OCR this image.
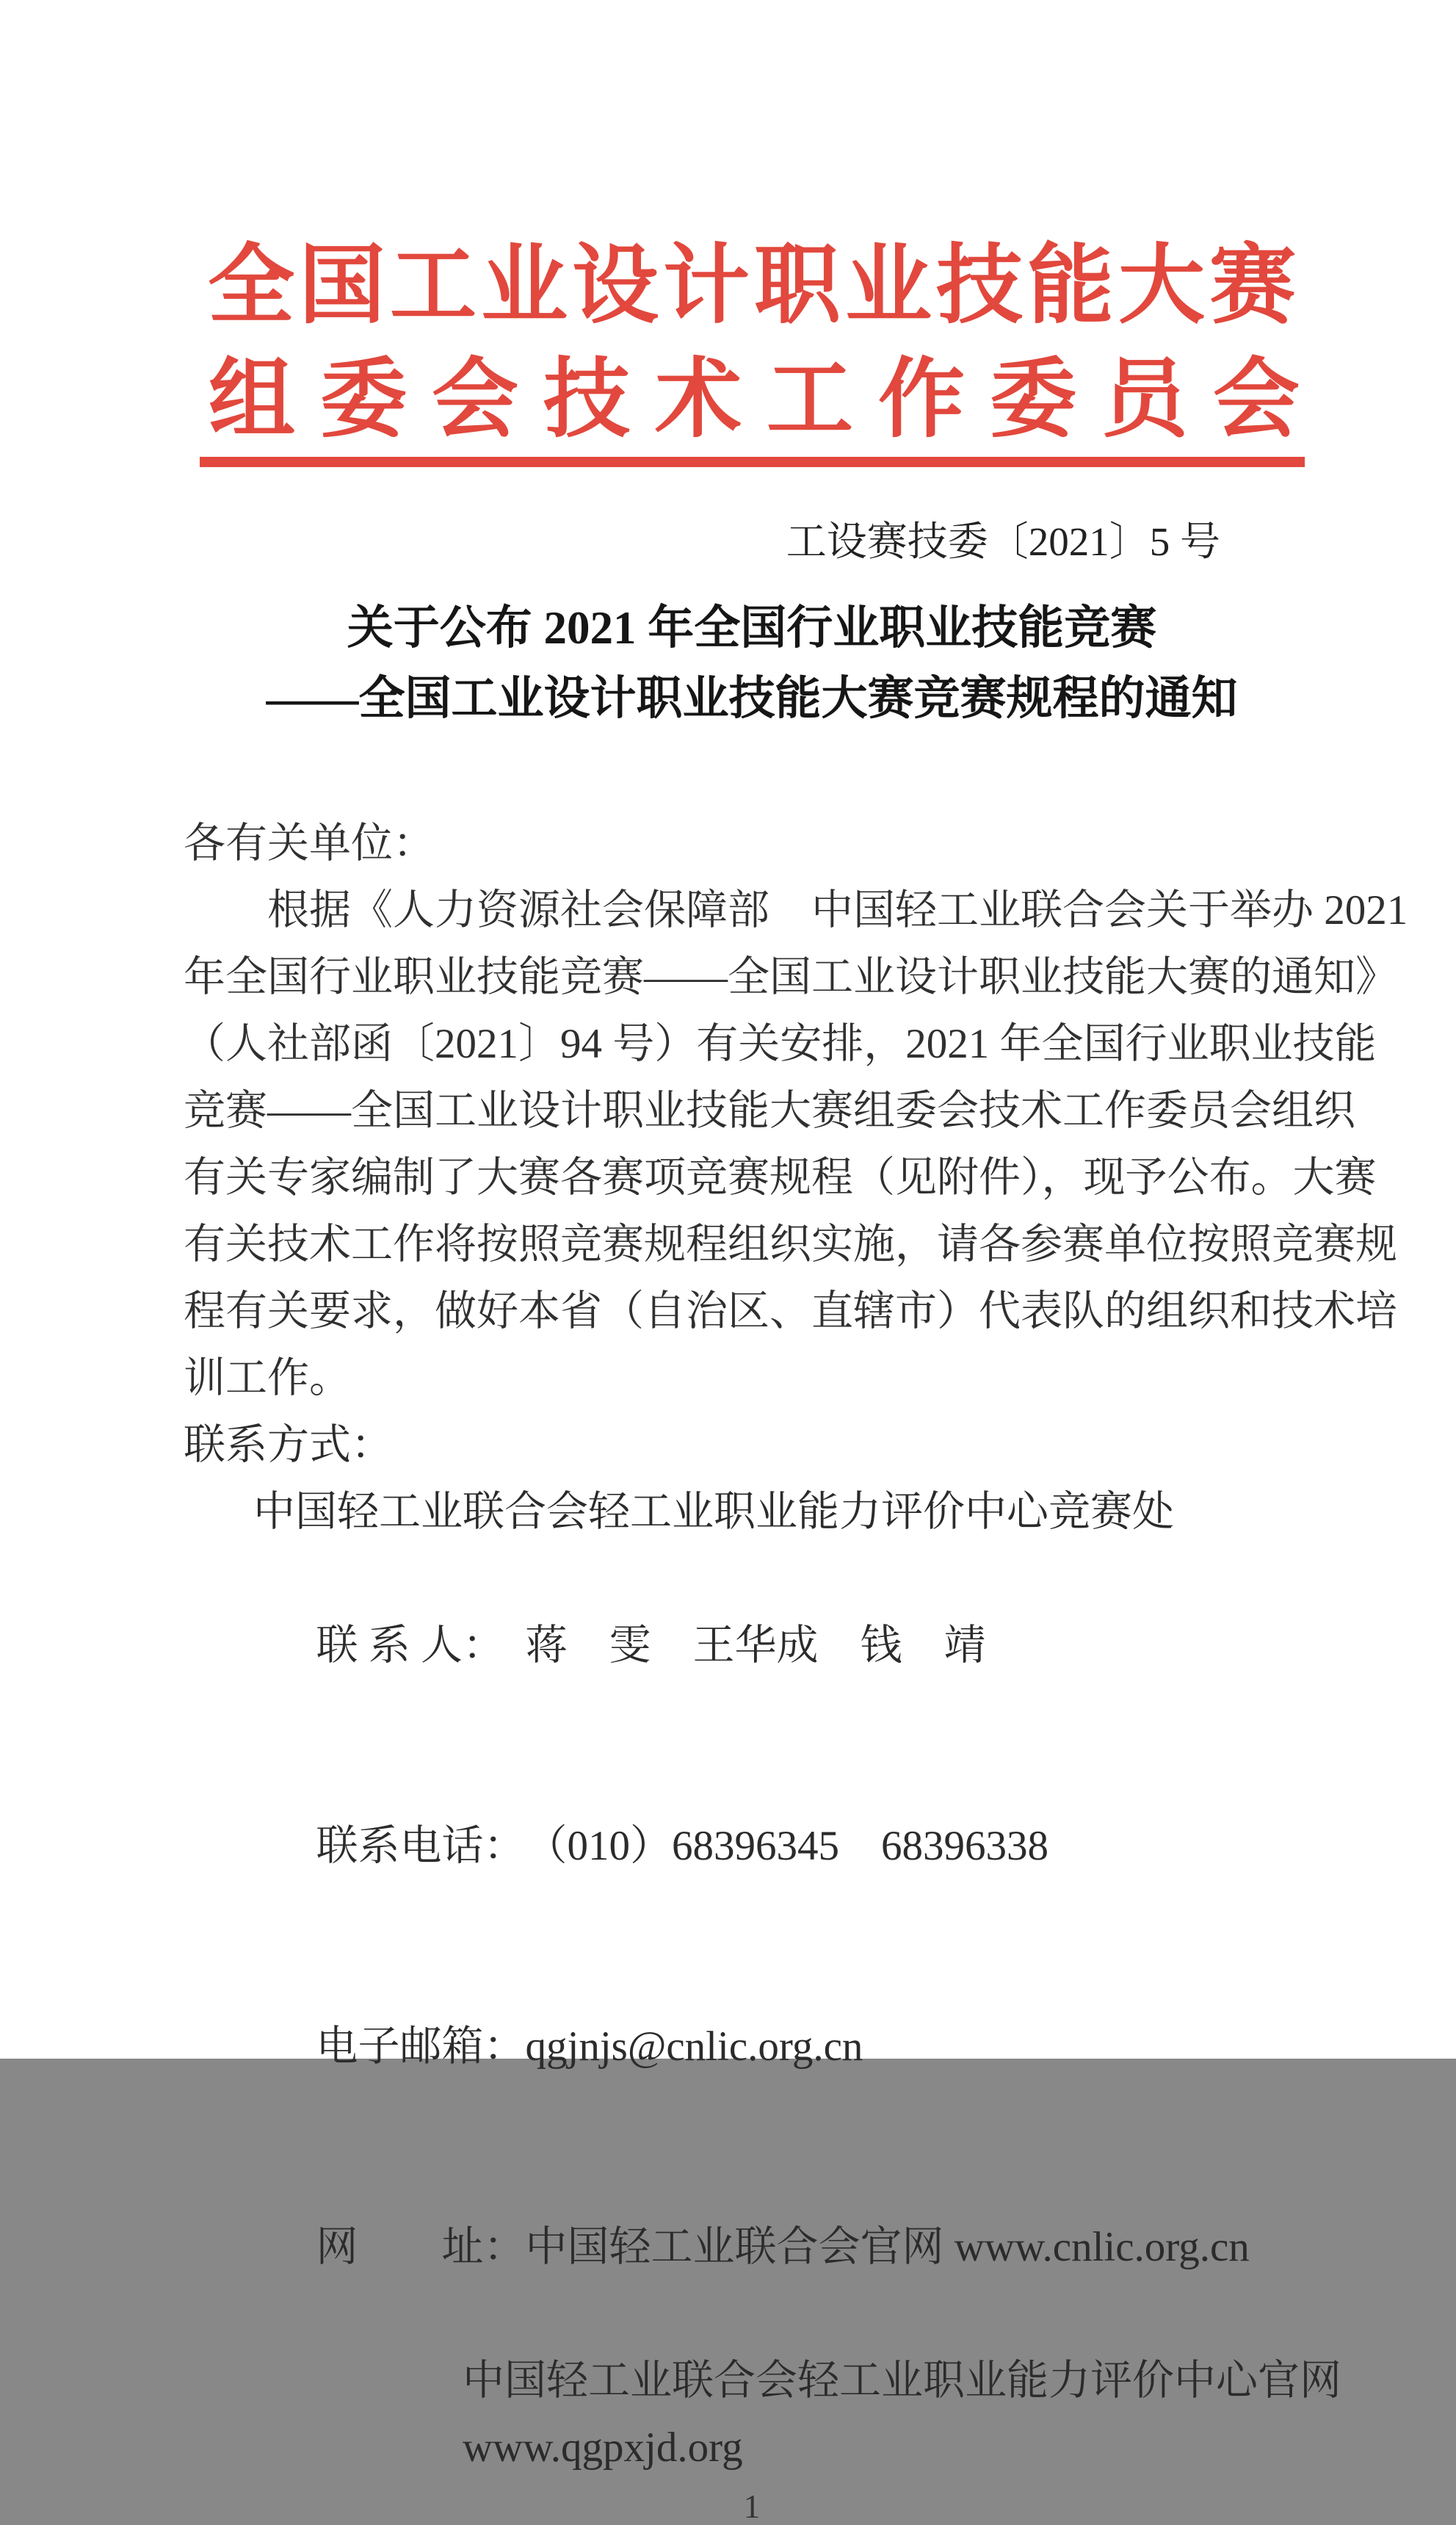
全国工业设计职业技能大赛
组委会技术工作委员会
工设赛技委〔2021〕5 号
关于公布 2021 年全国行业职业技能竞赛
——全国工业设计职业技能大赛竞赛规程的通知
各有关单位：
根据《人力资源社会保障部　中国轻工业联合会关于举办 2021
年全国行业职业技能竞赛——全国工业设计职业技能大赛的通知》
（人社部函〔2021〕94 号）有关安排，2021 年全国行业职业技能
竞赛——全国工业设计职业技能大赛组委会技术工作委员会组织
有关专家编制了大赛各赛项竞赛规程（见附件），现予公布。大赛
有关技术工作将按照竞赛规程组织实施，请各参赛单位按照竞赛规
程有关要求，做好本省（自治区、直辖市）代表队的组织和技术培
训工作。
联系方式：
中国轻工业联合会轻工业职业能力评价中心竞赛处

联 系 人： 蒋　雯　王华成　钱　靖

联系电话：（010）68396345　68396338

电子邮箱：qgjnjs@cnlic.org.cn

网　　址：中国轻工业联合会官网 www.cnlic.org.cn

中国轻工业联合会轻工业职业能力评价中心官网
www.qgpxjd.org
1
